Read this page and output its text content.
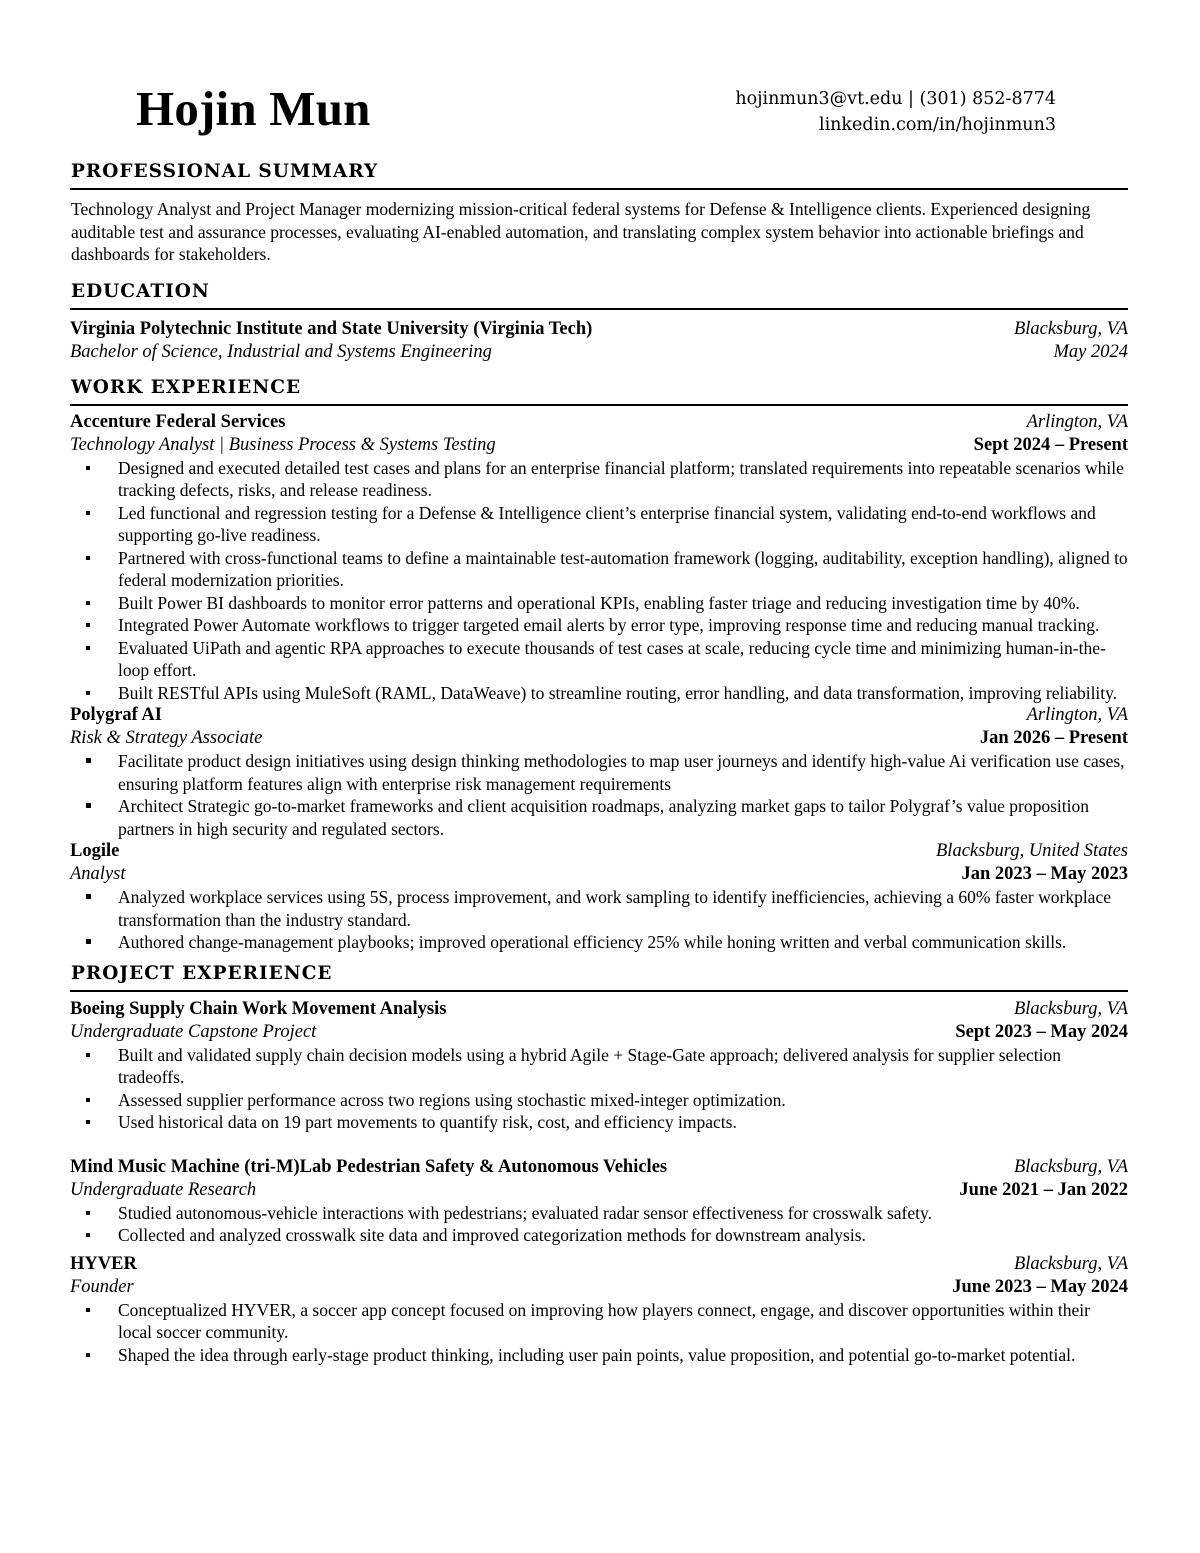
Hojin Mun	hojinmun3@vt.edu | (301) 852-8774
linkedin.com/in/hojinmun3
PROFESSIONAL SUMMARY
Technology Analyst and Project Manager modernizing mission-critical federal systems for Defense & Intelligence clients. Experienced designing auditable test and assurance processes, evaluating AI-enabled automation, and translating complex system behavior into actionable briefings and dashboards for stakeholders.
EDUCATION
Virginia Polytechnic Institute and State University (Virginia Tech)	Blacksburg, VA
Bachelor of Science, Industrial and Systems Engineering	May 2024
WORK EXPERIENCE
Accenture Federal Services	Arlington, VA
Technology Analyst | Business Process & Systems Testing	Sept 2024 – Present
Designed and executed detailed test cases and plans for an enterprise financial platform; translated requirements into repeatable scenarios while tracking defects, risks, and release readiness.
Led functional and regression testing for a Defense & Intelligence client’s enterprise financial system, validating end-to-end workflows and supporting go-live readiness.
Partnered with cross-functional teams to define a maintainable test-automation framework (logging, auditability, exception handling), aligned to federal modernization priorities.
Built Power BI dashboards to monitor error patterns and operational KPIs, enabling faster triage and reducing investigation time by 40%.
Integrated Power Automate workflows to trigger targeted email alerts by error type, improving response time and reducing manual tracking.
Evaluated UiPath and agentic RPA approaches to execute thousands of test cases at scale, reducing cycle time and minimizing human-in-the-loop effort.
Built RESTful APIs using MuleSoft (RAML, DataWeave) to streamline routing, error handling, and data transformation, improving reliability.
Polygraf AI	Arlington, VA
Risk & Strategy Associate	Jan 2026 – Present
Facilitate product design initiatives using design thinking methodologies to map user journeys and identify high-value Ai verification use cases, ensuring platform features align with enterprise risk management requirements
Architect Strategic go-to-market frameworks and client acquisition roadmaps, analyzing market gaps to tailor Polygraf’s value proposition partners in high security and regulated sectors.
Logile	Blacksburg, United States
Analyst	Jan 2023 – May 2023
Analyzed workplace services using 5S, process improvement, and work sampling to identify inefficiencies, achieving a 60% faster workplace transformation than the industry standard.
Authored change-management playbooks; improved operational efficiency 25% while honing written and verbal communication skills.
PROJECT EXPERIENCE
Boeing Supply Chain Work Movement Analysis	Blacksburg, VA
Undergraduate Capstone Project	Sept 2023 – May 2024
Built and validated supply chain decision models using a hybrid Agile + Stage-Gate approach; delivered analysis for supplier selection tradeoffs.
Assessed supplier performance across two regions using stochastic mixed-integer optimization.
Used historical data on 19 part movements to quantify risk, cost, and efficiency impacts.
Mind Music Machine (tri-M)Lab Pedestrian Safety & Autonomous Vehicles	Blacksburg, VA
Undergraduate Research	June 2021 – Jan 2022
Studied autonomous-vehicle interactions with pedestrians; evaluated radar sensor effectiveness for crosswalk safety.
Collected and analyzed crosswalk site data and improved categorization methods for downstream analysis.
HYVER	Blacksburg, VA
Founder	June 2023 – May 2024
Conceptualized HYVER, a soccer app concept focused on improving how players connect, engage, and discover opportunities within their local soccer community.
Shaped the idea through early-stage product thinking, including user pain points, value proposition, and potential go-to-market potential.
